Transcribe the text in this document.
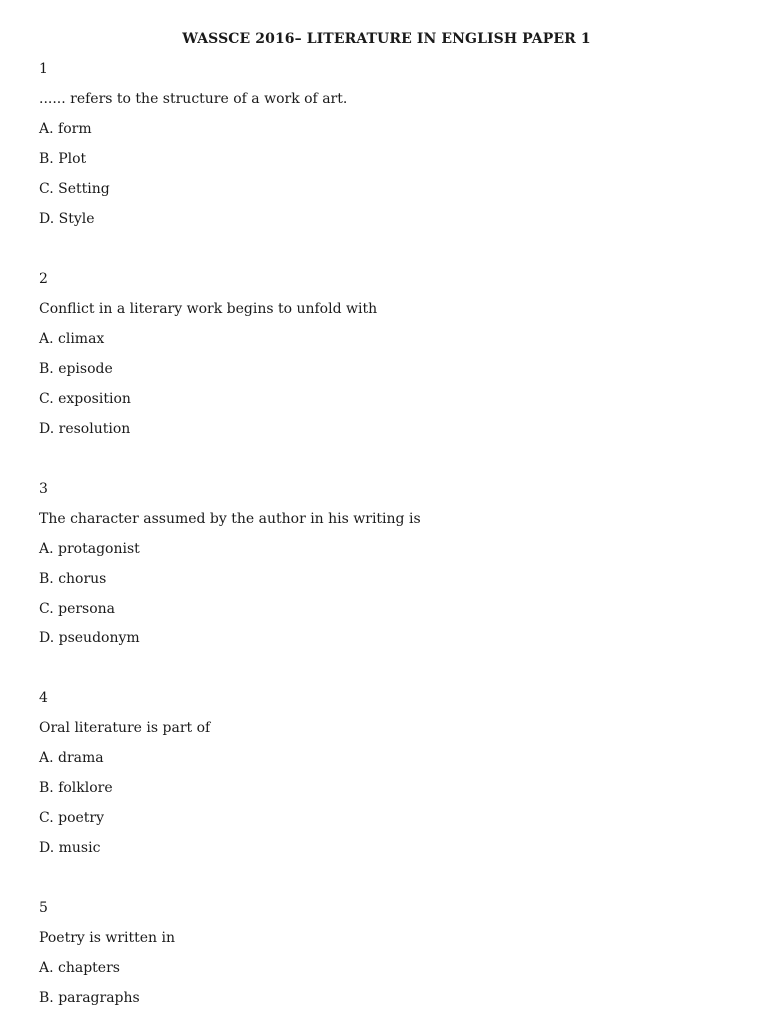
WASSCE 2016– LITERATURE IN ENGLISH PAPER 1
1
...... refers to the structure of a work of art.
A. form
B. Plot
C. Setting
D. Style
2
Conflict in a literary work begins to unfold with
A. climax
B. episode
C. exposition
D. resolution
3
The character assumed by the author in his writing is
A. protagonist
B. chorus
C. persona
D. pseudonym
4
Oral literature is part of
A. drama
B. folklore
C. poetry
D. music
5
Poetry is written in
A. chapters
B. paragraphs
